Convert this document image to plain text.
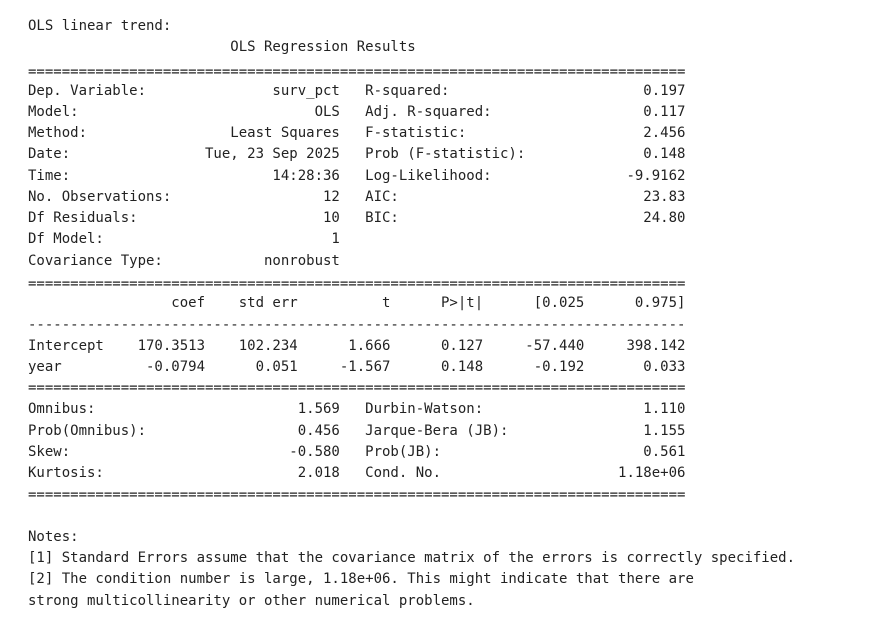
OLS linear trend:
OLS Regression Results
==============================================================================
Dep. Variable:               surv_pct   R-squared:                       0.197
Model:                            OLS   Adj. R-squared:                  0.117
Method:                 Least Squares   F-statistic:                     2.456
Date:                Tue, 23 Sep 2025   Prob (F-statistic):              0.148
Time:                        14:28:36   Log-Likelihood:                -9.9162
No. Observations:                  12   AIC:                             23.83
Df Residuals:                      10   BIC:                             24.80
Df Model:                           1
Covariance Type:            nonrobust
==============================================================================
coef    std err          t      P>|t|      [0.025      0.975]
------------------------------------------------------------------------------
Intercept    170.3513    102.234      1.666      0.127     -57.440     398.142
year          -0.0794      0.051     -1.567      0.148      -0.192       0.033
==============================================================================
Omnibus:                        1.569   Durbin-Watson:                   1.110
Prob(Omnibus):                  0.456   Jarque-Bera (JB):                1.155
Skew:                          -0.580   Prob(JB):                        0.561
Kurtosis:                       2.018   Cond. No.                     1.18e+06
==============================================================================
Notes:
[1] Standard Errors assume that the covariance matrix of the errors is correctly specified.
[2] The condition number is large, 1.18e+06. This might indicate that there are
strong multicollinearity or other numerical problems.
